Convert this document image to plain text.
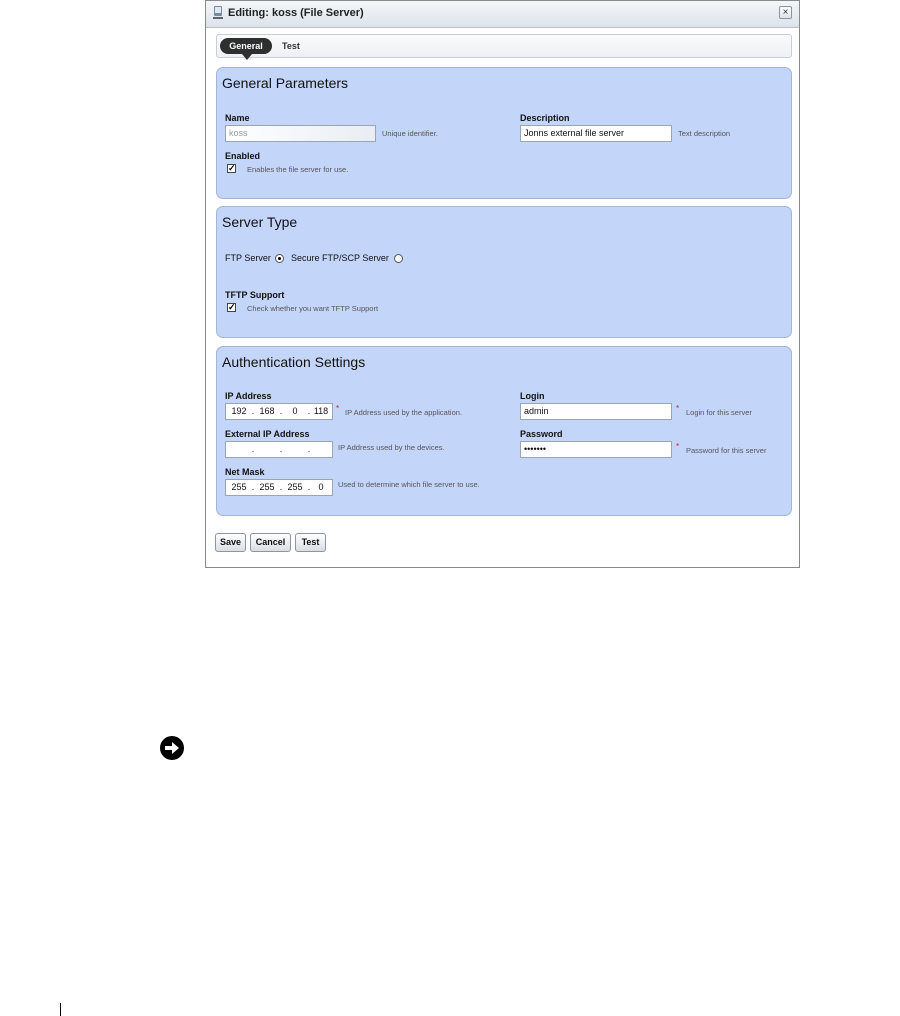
Editing: koss (File Server)	×
General	Test
General Parameters
Name
koss	Unique identifier.
Description
Jonns external file server	Text description
Enabled
✓ Enables the file server for use.
Server Type
FTP Server Secure FTP/SCP Server
TFTP Support
✓ Check whether you want TFTP Support
Authentication Settings
IP Address
192 . 168 .	0	. 118 * IP Address used by the application.
External IP Address
.	.	.	IP Address used by the devices.
Net Mask
255 . 255 . 255 . 0	Used to determine which file server to use.
Login
admin	* Login for this server
Password
•••••••	* Password for this server
Save	Cancel	Test
